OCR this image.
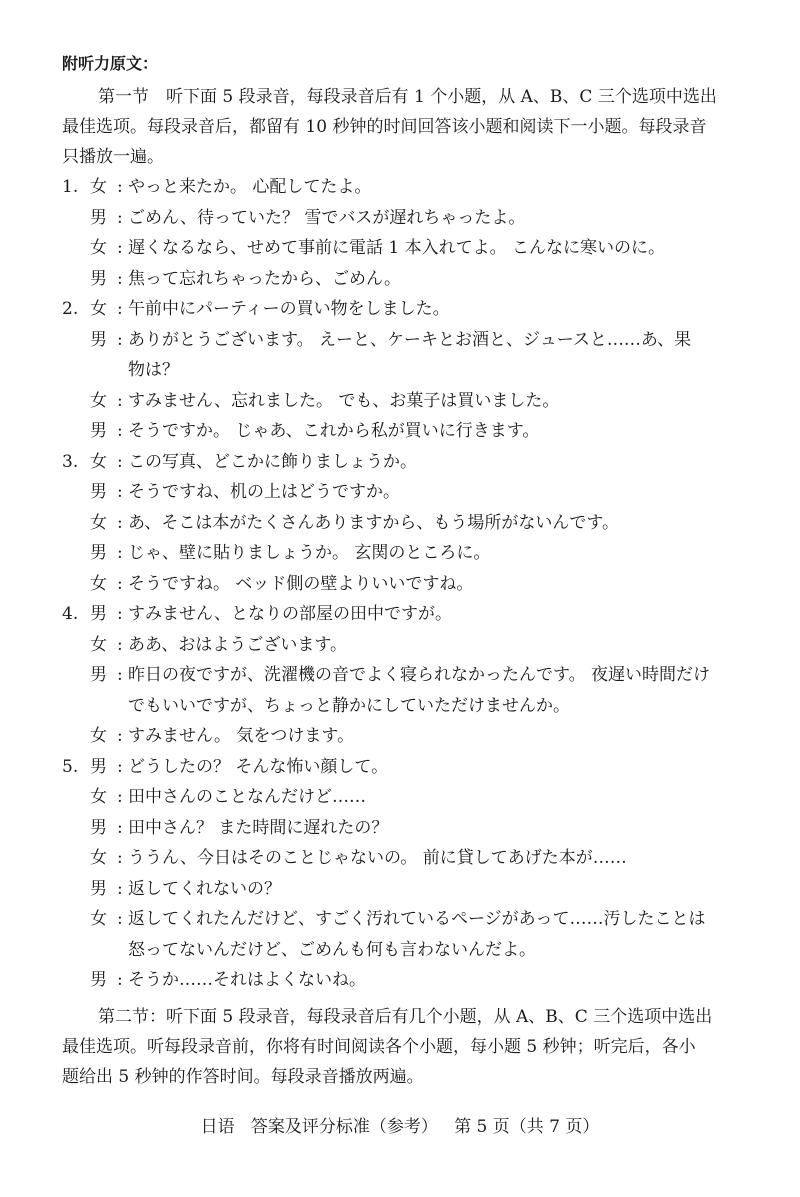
附听力原文：
第一节　听下面 5 段录音，每段录音后有 1 个小题，从 A、B、C 三个选项中选出
最佳选项。每段录音后，都留有 10 秒钟的时间回答该小题和阅读下一小题。每段录音
只播放一遍。
1. 女 : やっと来たか。 心配してたよ。
男 : ごめん、待っていた？ 雪でバスが遅れちゃったよ。
女 : 遅くなるなら、せめて事前に電話 1 本入れてよ。 こんなに寒いのに。
男 : 焦って忘れちゃったから、ごめん。
2. 女 : 午前中にパーティーの買い物をしました。
男 : ありがとうございます。 えーと、ケーキとお酒と、ジュースと……あ、果
物は？
女 : すみません、忘れました。 でも、お菓子は買いました。
男 : そうですか。 じゃあ、これから私が買いに行きます。
3. 女 : この写真、どこかに飾りましょうか。
男 : そうですね、机の上はどうですか。
女 : あ、そこは本がたくさんありますから、もう場所がないんです。
男 : じゃ、壁に貼りましょうか。 玄関のところに。
女 : そうですね。 ベッド側の壁よりいいですね。
4. 男 : すみません、となりの部屋の田中ですが。
女 : ああ、おはようございます。
男 : 昨日の夜ですが、洗濯機の音でよく寝られなかったんです。 夜遅い時間だけ
でもいいですが、ちょっと静かにしていただけませんか。
女 : すみません。 気をつけます。
5. 男 : どうしたの？ そんな怖い顔して。
女 : 田中さんのことなんだけど……
男 : 田中さん？ また時間に遅れたの？
女 : ううん、今日はそのことじゃないの。 前に貸してあげた本が……
男 : 返してくれないの？
女 : 返してくれたんだけど、すごく汚れているページがあって……汚したことは
怒ってないんだけど、ごめんも何も言わないんだよ。
男 : そうか……それはよくないね。
第二节：听下面 5 段录音，每段录音后有几个小题，从 A、B、C 三个选项中选出
最佳选项。听每段录音前，你将有时间阅读各个小题，每小题 5 秒钟；听完后，各小
题给出 5 秒钟的作答时间。每段录音播放两遍。
日语 答案及评分标准（参考） 第 5 页（共 7 页）
